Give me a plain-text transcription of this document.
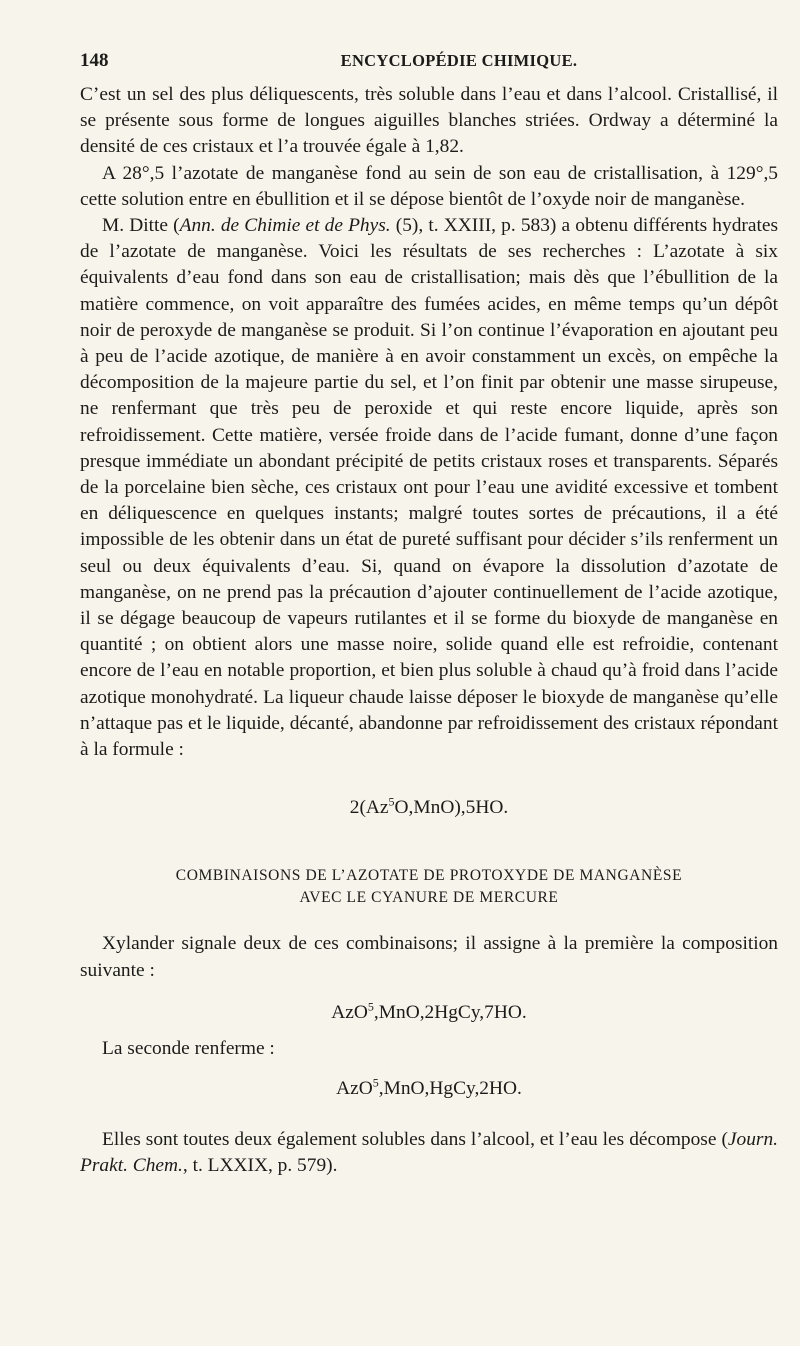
148	ENCYCLOPÉDIE CHIMIQUE.

C’est un sel des plus déliquescents, très soluble dans l’eau et dans l’alcool. Cristallisé, il se présente sous forme de longues aiguilles blanches striées. Ordway a déterminé la densité de ces cristaux et l’a trouvée égale à 1,82.

A 28°,5 l’azotate de manganèse fond au sein de son eau de cristallisation, à 129°,5 cette solution entre en ébullition et il se dépose bientôt de l’oxyde noir de manganèse.

M. Ditte (Ann. de Chimie et de Phys. (5), t. XXIII, p. 583) a obtenu différents hydrates de l’azotate de manganèse. Voici les résultats de ses recherches : L’azotate à six équivalents d’eau fond dans son eau de cristallisation; mais dès que l’ébullition de la matière commence, on voit apparaître des fumées acides, en même temps qu’un dépôt noir de peroxyde de manganèse se produit. Si l’on continue l’évaporation en ajoutant peu à peu de l’acide azotique, de manière à en avoir constamment un excès, on empêche la décomposition de la majeure partie du sel, et l’on finit par obtenir une masse sirupeuse, ne renfermant que très peu de peroxide et qui reste encore liquide, après son refroidissement. Cette matière, versée froide dans de l’acide fumant, donne d’une façon presque immédiate un abondant précipité de petits cristaux roses et transparents. Séparés de la porcelaine bien sèche, ces cristaux ont pour l’eau une avidité excessive et tombent en déliquescence en quelques instants; malgré toutes sortes de précautions, il a été impossible de les obtenir dans un état de pureté suffisant pour décider s’ils renferment un seul ou deux équivalents d’eau. Si, quand on évapore la dissolution d’azotate de manganèse, on ne prend pas la précaution d’ajouter continuellement de l’acide azotique, il se dégage beaucoup de vapeurs rutilantes et il se forme du bioxyde de manganèse en quantité ; on obtient alors une masse noire, solide quand elle est refroidie, contenant encore de l’eau en notable proportion, et bien plus soluble à chaud qu’à froid dans l’acide azotique monohydraté. La liqueur chaude laisse déposer le bioxyde de manganèse qu’elle n’attaque pas et le liquide, décanté, abandonne par refroidissement des cristaux répondant à la formule :

2(Az$^5$O,MnO),5HO.

COMBINAISONS DE L’AZOTATE DE PROTOXYDE DE MANGANÈSE
AVEC LE CYANURE DE MERCURE

Xylander signale deux de ces combinaisons; il assigne à la première la composition suivante :

AzO$^5$,MnO,2HgCy,7HO.

La seconde renferme :

AzO$^5$,MnO,HgCy,2HO.

Elles sont toutes deux également solubles dans l’alcool, et l’eau les décompose (Journ. Prakt. Chem., t. LXXIX, p. 579).
